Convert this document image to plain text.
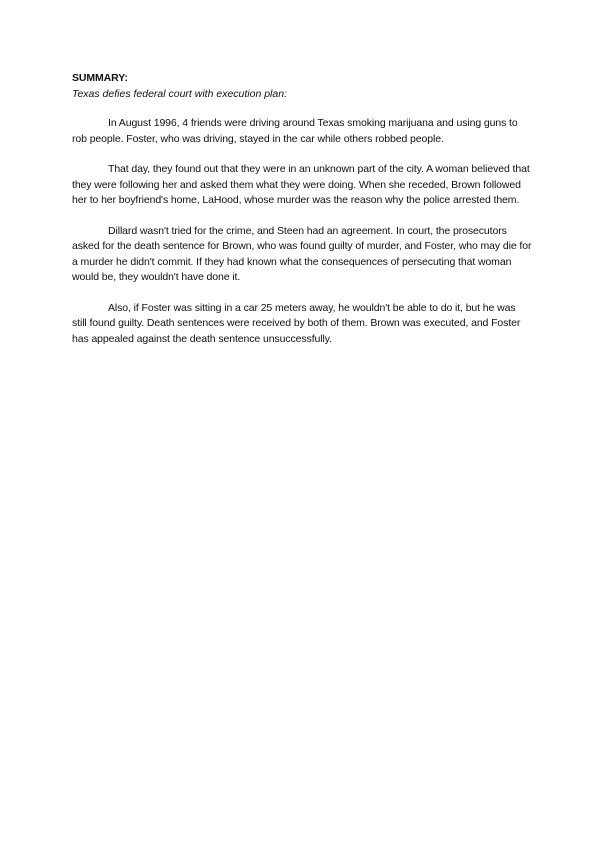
SUMMARY:

Texas defies federal court with execution plan:

In August 1996, 4 friends were driving around Texas smoking marijuana and using guns to rob people. Foster, who was driving, stayed in the car while others robbed people.

That day, they found out that they were in an unknown part of the city. A woman believed that they were following her and asked them what they were doing. When she receded, Brown followed her to her boyfriend's home, LaHood, whose murder was the reason why the police arrested them.

Dillard wasn't tried for the crime, and Steen had an agreement. In court, the prosecutors asked for the death sentence for Brown, who was found guilty of murder, and Foster, who may die for a murder he didn't commit. If they had known what the consequences of persecuting that woman would be, they wouldn't have done it.

Also, if Foster was sitting in a car 25 meters away, he wouldn't be able to do it, but he was still found guilty. Death sentences were received by both of them. Brown was executed, and Foster has appealed against the death sentence unsuccessfully.
